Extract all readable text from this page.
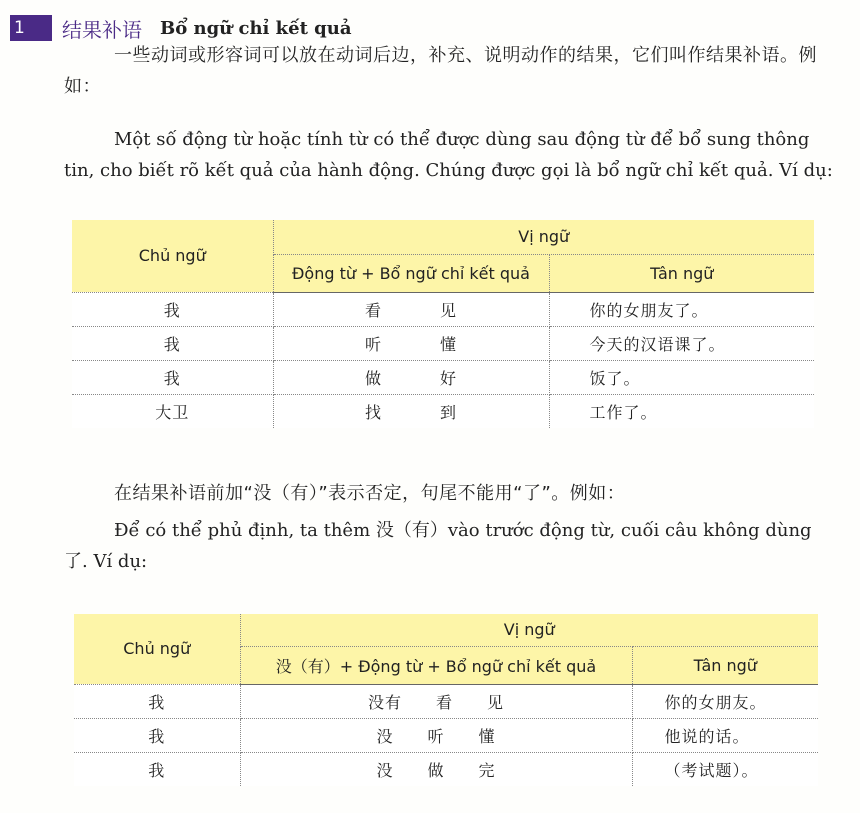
1	结果补语 Bổ ngữ chỉ kết quả

一些动词或形容词可以放在动词后边，补充、说明动作的结果，它们叫作结果补语。例如：

Một số động từ hoặc tính từ có thể được dùng sau động từ để bổ sung thông tin, cho biết rõ kết quả của hành động. Chúng được gọi là bổ ngữ chỉ kết quả. Ví dụ:

Chủ ngữ	Vị ngữ	
	Động từ + Bổ ngữ chỉ kết quả	Tân ngữ
我	看 见	你的女朋友了。
我	听 懂	今天的汉语课了。
我	做 好	饭了。
大卫	找 到	工作了。

在结果补语前加“没（有）”表示否定，句尾不能用“了”。例如：

Để có thể phủ định, ta thêm 没（有）vào trước động từ, cuối câu không dùng 了. Ví dụ:

Chủ ngữ	Vị ngữ	
	没（有）+ Động từ + Bổ ngữ chỉ kết quả	Tân ngữ
我	没有 看 见	你的女朋友。
我	没 听 懂	他说的话。
我	没 做 完	（考试题）。
